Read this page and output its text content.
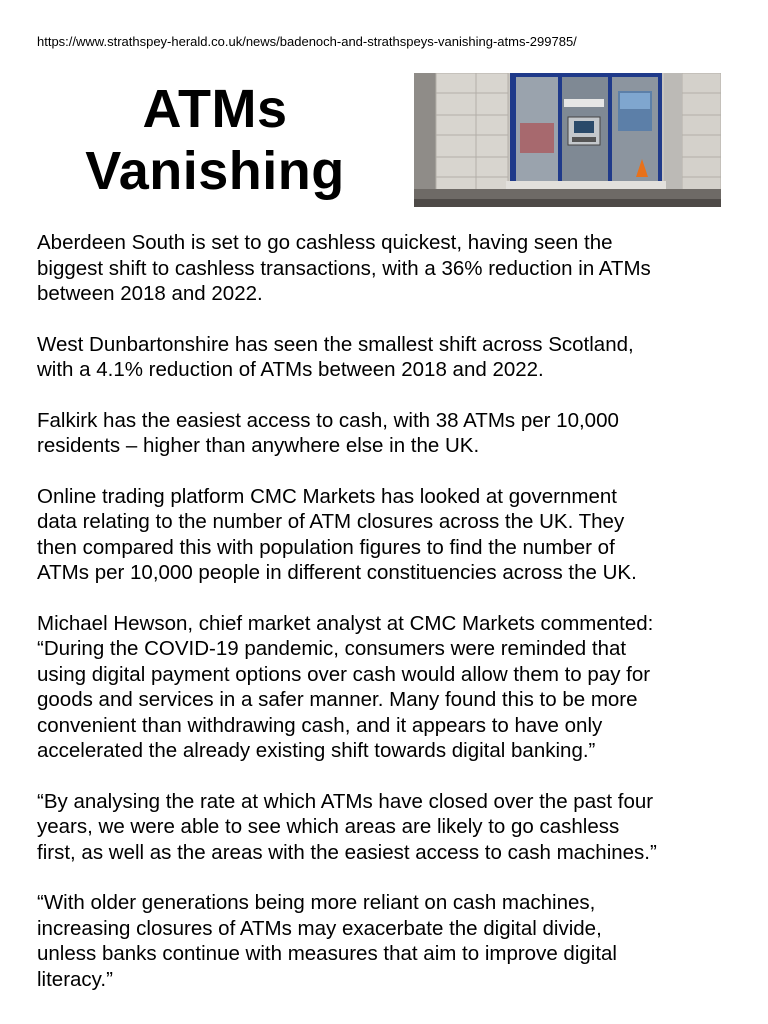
https://www.strathspey-herald.co.uk/news/badenoch-and-strathspeys-vanishing-atms-299785/
ATMs
Vanishing

Aberdeen South is set to go cashless quickest, having seen the
biggest shift to cashless transactions, with a 36% reduction in ATMs
between 2018 and 2022.

West Dunbartonshire has seen the smallest shift across Scotland,
with a 4.1% reduction of ATMs between 2018 and 2022.

Falkirk has the easiest access to cash, with 38 ATMs per 10,000
residents – higher than anywhere else in the UK.

Online trading platform CMC Markets has looked at government
data relating to the number of ATM closures across the UK. They
then compared this with population figures to find the number of
ATMs per 10,000 people in different constituencies across the UK.

Michael Hewson, chief market analyst at CMC Markets commented:
“During the COVID-19 pandemic, consumers were reminded that
using digital payment options over cash would allow them to pay for
goods and services in a safer manner. Many found this to be more
convenient than withdrawing cash, and it appears to have only
accelerated the already existing shift towards digital banking.”

“By analysing the rate at which ATMs have closed over the past four
years, we were able to see which areas are likely to go cashless
first, as well as the areas with the easiest access to cash machines.”

“With older generations being more reliant on cash machines,
increasing closures of ATMs may exacerbate the digital divide,
unless banks continue with measures that aim to improve digital
literacy.”
